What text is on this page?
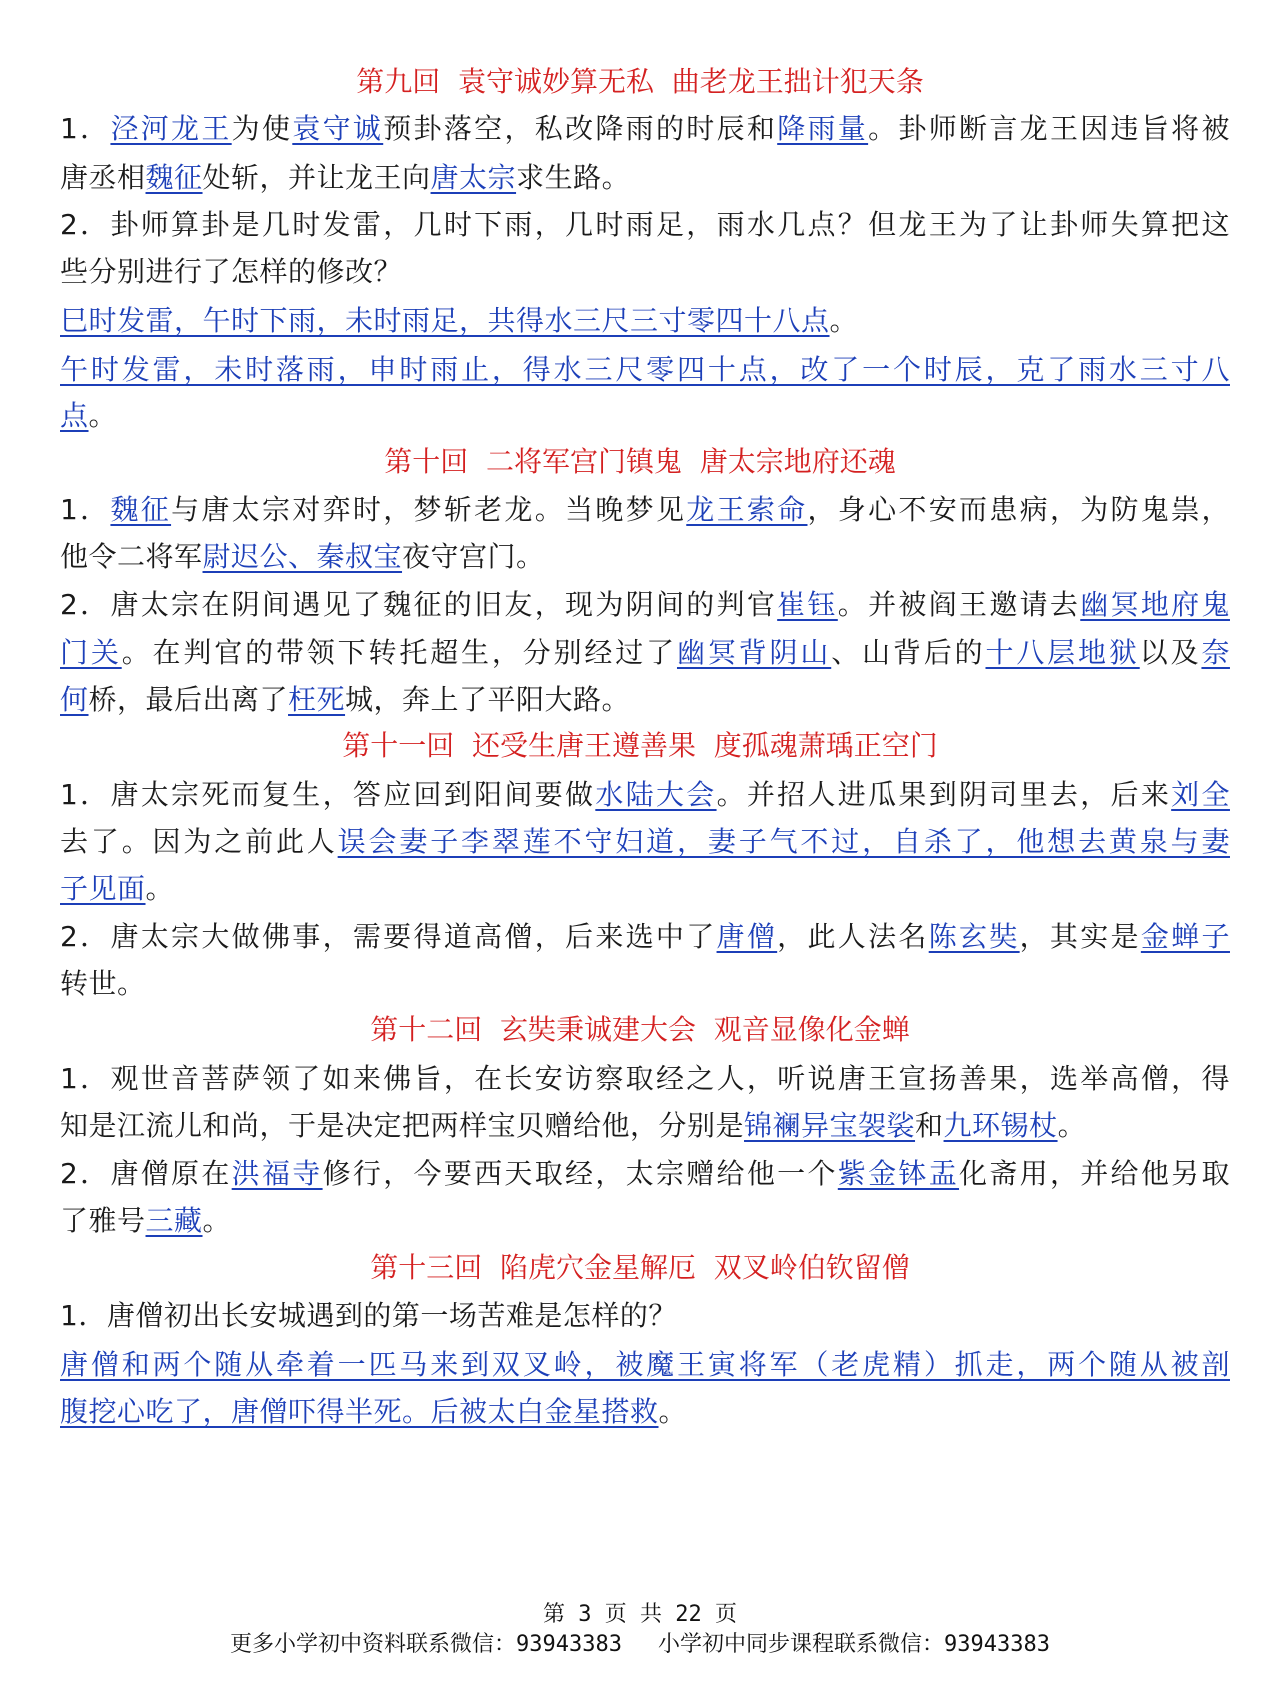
第九回  袁守诚妙算无私  曲老龙王拙计犯天条
1．泾河龙王为使袁守诚预卦落空，私改降雨的时辰和降雨量。卦师断言龙王因违旨将被
唐丞相魏征处斩，并让龙王向唐太宗求生路。
2．卦师算卦是几时发雷，几时下雨，几时雨足，雨水几点？但龙王为了让卦师失算把这
些分别进行了怎样的修改？
巳时发雷，午时下雨，未时雨足，共得水三尺三寸零四十八点。
午时发雷，未时落雨，申时雨止，得水三尺零四十点，改了一个时辰，克了雨水三寸八
点。
第十回  二将军宫门镇鬼  唐太宗地府还魂
1．魏征与唐太宗对弈时，梦斩老龙。当晚梦见龙王索命，身心不安而患病，为防鬼祟，
他令二将军尉迟公、秦叔宝夜守宫门。
2．唐太宗在阴间遇见了魏征的旧友，现为阴间的判官崔钰。并被阎王邀请去幽冥地府鬼
门关。在判官的带领下转托超生，分别经过了幽冥背阴山、山背后的十八层地狱以及奈
何桥，最后出离了枉死城，奔上了平阳大路。
第十一回  还受生唐王遵善果  度孤魂萧瑀正空门
1．唐太宗死而复生，答应回到阳间要做水陆大会。并招人进瓜果到阴司里去，后来刘全
去了。因为之前此人误会妻子李翠莲不守妇道，妻子气不过，自杀了，他想去黄泉与妻
子见面。
2．唐太宗大做佛事，需要得道高僧，后来选中了唐僧，此人法名陈玄奘，其实是金蝉子
转世。
第十二回  玄奘秉诚建大会  观音显像化金蝉
1．观世音菩萨领了如来佛旨，在长安访察取经之人，听说唐王宣扬善果，选举高僧，得
知是江流儿和尚，于是决定把两样宝贝赠给他，分别是锦襕异宝袈裟和九环锡杖。
2．唐僧原在洪福寺修行，今要西天取经，太宗赠给他一个紫金钵盂化斋用，并给他另取
了雅号三藏。
第十三回  陷虎穴金星解厄  双叉岭伯钦留僧
1．唐僧初出长安城遇到的第一场苦难是怎样的？
唐僧和两个随从牵着一匹马来到双叉岭，被魔王寅将军（老虎精）抓走，两个随从被剖
腹挖心吃了，唐僧吓得半死。后被太白金星搭救。
第 3 页 共 22 页
更多小学初中资料联系微信：93943383 小学初中同步课程联系微信：93943383
